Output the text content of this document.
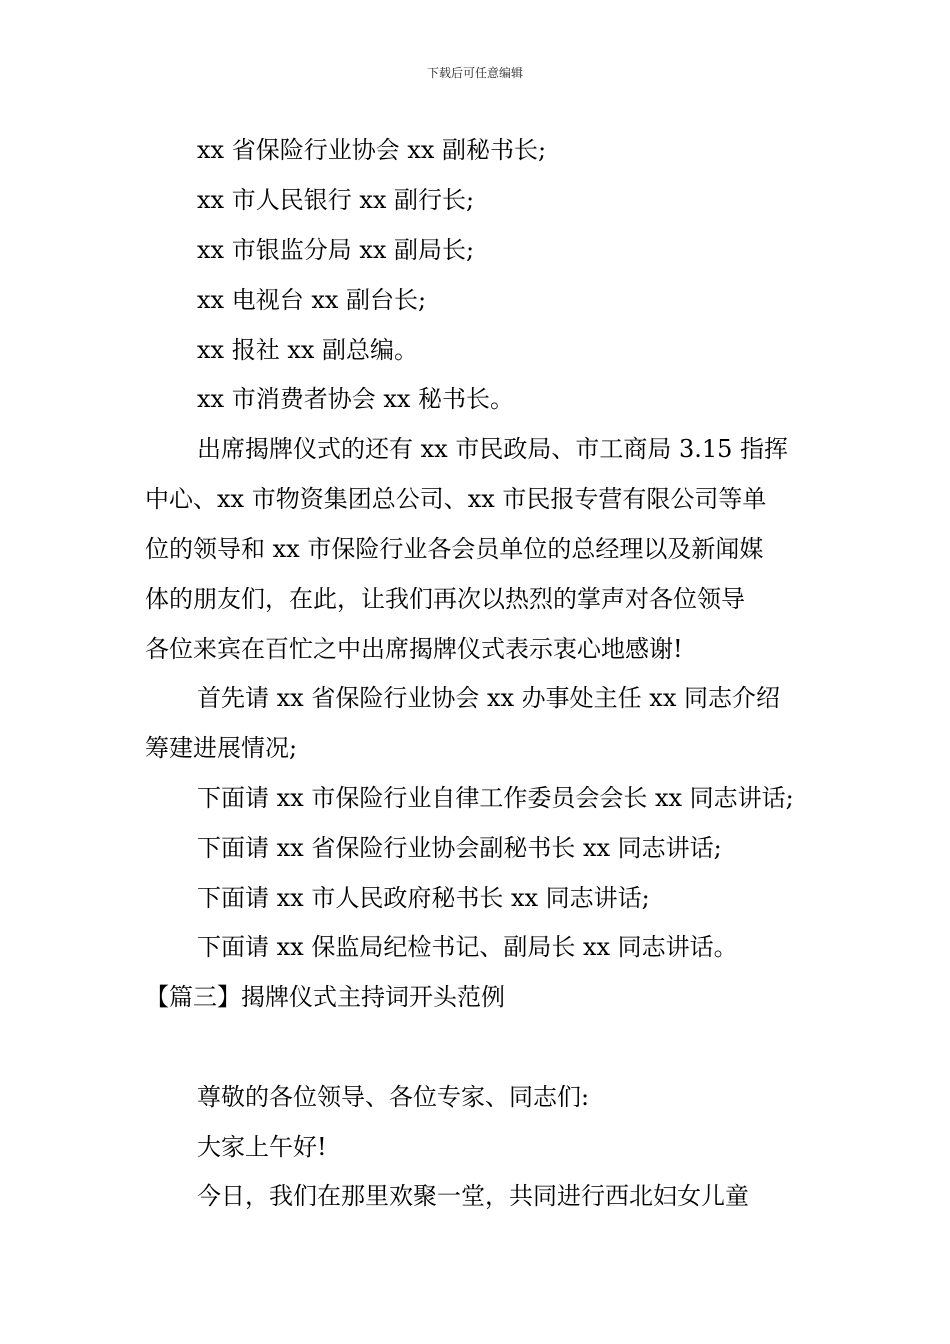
下载后可任意编辑
xx 省保险行业协会 xx 副秘书长;
xx 市人民银行 xx 副行长;
xx 市银监分局 xx 副局长;
xx 电视台 xx 副台长;
xx 报社 xx 副总编。
xx 市消费者协会 xx 秘书长。
出席揭牌仪式的还有 xx 市民政局、市工商局 3.15 指挥
中心、xx 市物资集团总公司、xx 市民报专营有限公司等单
位的领导和 xx 市保险行业各会员单位的总经理以及新闻媒
体的朋友们，在此，让我们再次以热烈的掌声对各位领导
各位来宾在百忙之中出席揭牌仪式表示衷心地感谢!
首先请 xx 省保险行业协会 xx 办事处主任 xx 同志介绍
筹建进展情况;
下面请 xx 市保险行业自律工作委员会会长 xx 同志讲话;
下面请 xx 省保险行业协会副秘书长 xx 同志讲话;
下面请 xx 市人民政府秘书长 xx 同志讲话;
下面请 xx 保监局纪检书记、副局长 xx 同志讲话。
【篇三】揭牌仪式主持词开头范例
尊敬的各位领导、各位专家、同志们:
大家上午好!
今日，我们在那里欢聚一堂，共同进行西北妇女儿童
